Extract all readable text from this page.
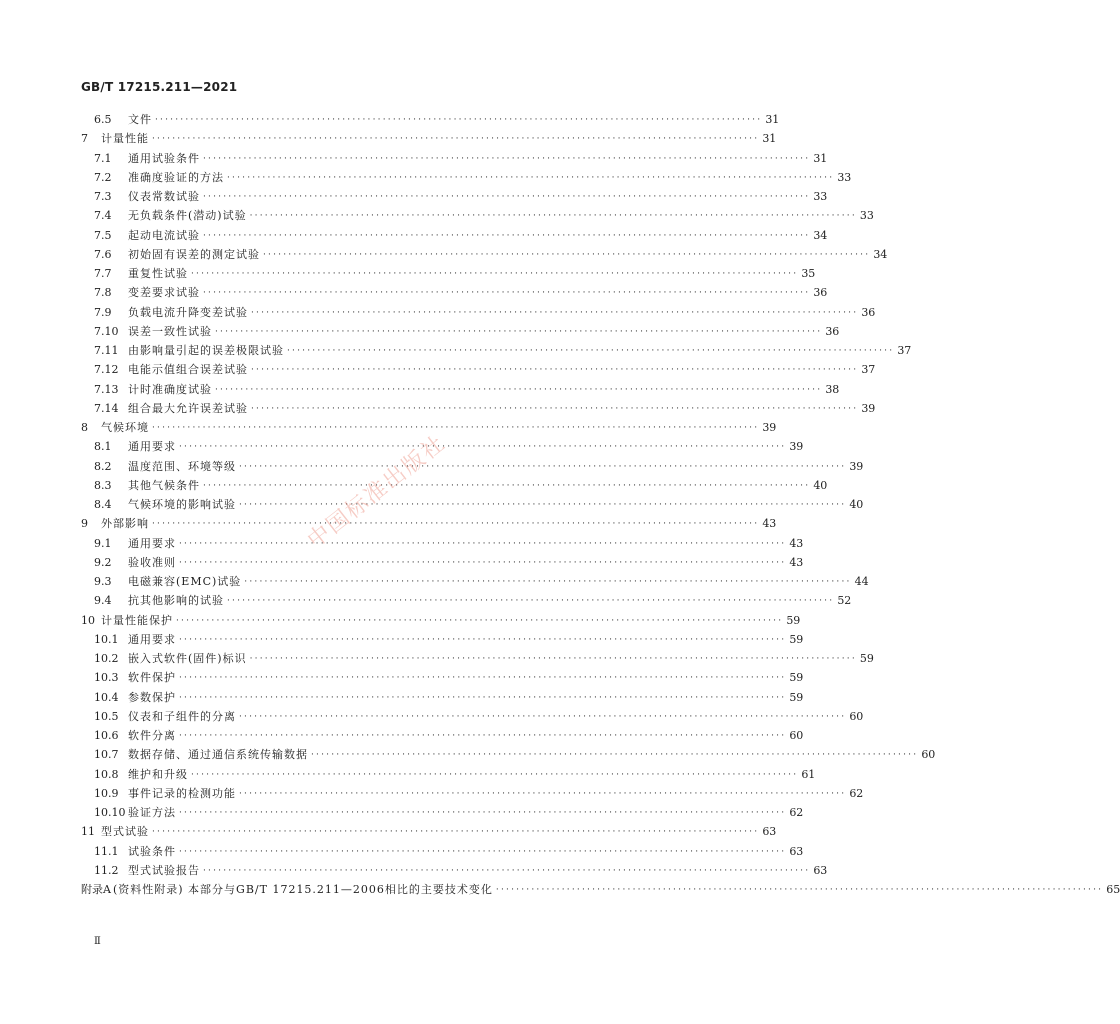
GB/T 17215.211—2021
6.5	文件 ························································································································ 31
7	计量性能 ························································································································ 31
7.1	通用试验条件 ························································································································ 31
7.2	准确度验证的方法 ························································································································ 33
7.3	仪表常数试验 ························································································································ 33
7.4	无负载条件(潜动)试验 ························································································································ 33
7.5	起动电流试验 ························································································································ 34
7.6	初始固有误差的测定试验 ························································································································ 34
7.7	重复性试验 ························································································································ 35
7.8	变差要求试验 ························································································································ 36
7.9	负载电流升降变差试验 ························································································································ 36
7.10 误差一致性试验 ························································································································ 36
7.11 由影响量引起的误差极限试验 ························································································································ 37
7.12 电能示值组合误差试验 ························································································································ 37
7.13 计时准确度试验 ························································································································ 38
7.14 组合最大允许误差试验 ························································································································ 39
8	气候环境 ························································································································ 39
8.1	通用要求 ························································································································ 39
8.2	温度范围、环境等级 ························································································································ 39
8.3	其他气候条件 ························································································································ 40
8.4	气候环境的影响试验 ························································································································ 40
9	外部影响 ························································································································ 43
9.1	通用要求 ························································································································ 43
9.2	验收准则 ························································································································ 43
9.3	电磁兼容(EMC)试验 ························································································································ 44
9.4	抗其他影响的试验 ························································································································ 52
10 计量性能保护 ························································································································ 59
10.1 通用要求 ························································································································ 59
10.2 嵌入式软件(固件)标识 ························································································································ 59
10.3 软件保护 ························································································································ 59
10.4 参数保护 ························································································································ 59
10.5 仪表和子组件的分离 ························································································································ 60
10.6 软件分离 ························································································································ 60
10.7 数据存储、通过通信系统传输数据 ························································································································ 60
10.8 维护和升级 ························································································································ 61
10.9 事件记录的检测功能 ························································································································ 62
10.10 验证方法 ························································································································ 62
11 型式试验 ························································································································ 63
11.1 试验条件 ························································································································ 63
11.2 型式试验报告 ························································································································ 63
附录A (资料性附录) 本部分与GB/T 17215.211—2006相比的主要技术变化 ························································································································ 65
中国标准出版社
Ⅱ
